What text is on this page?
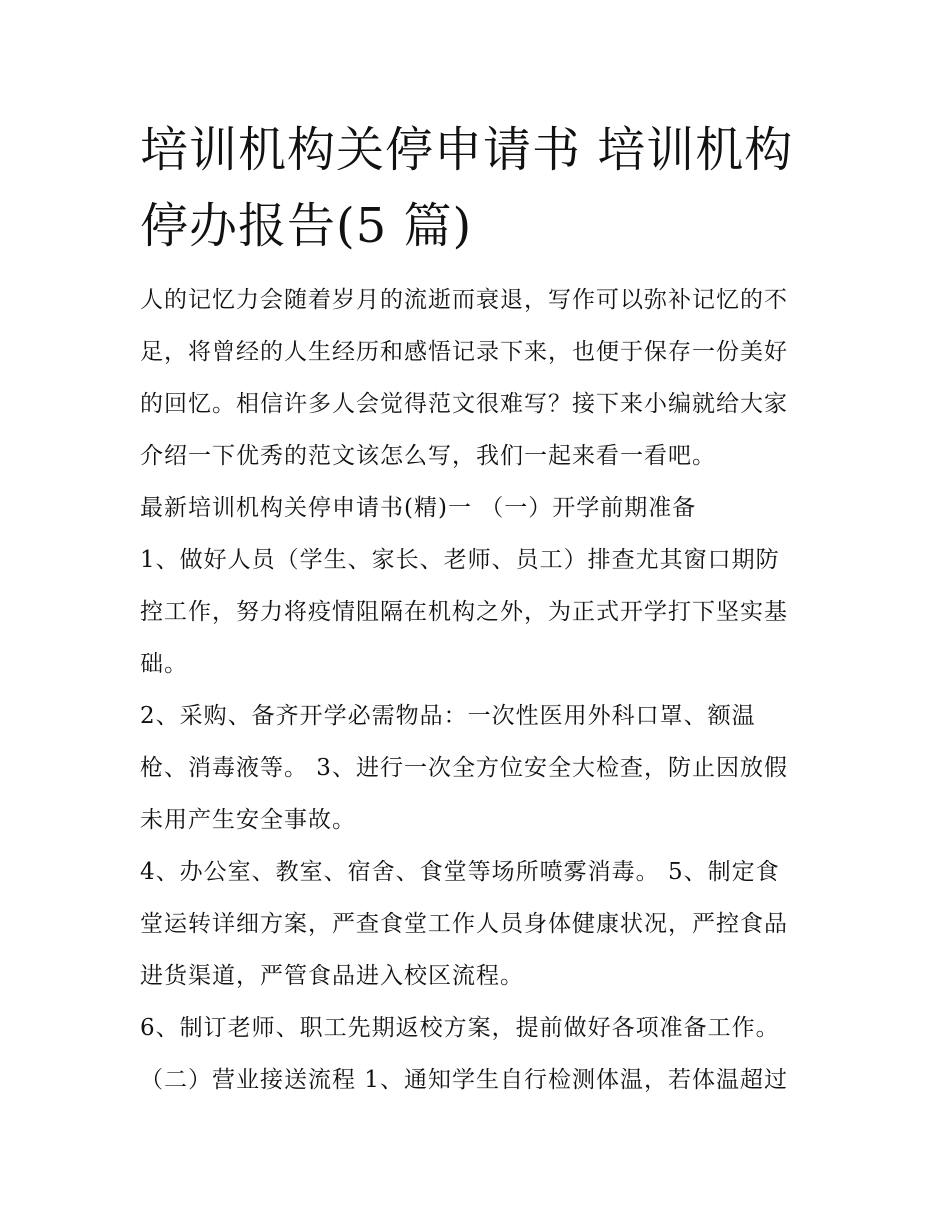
培训机构关停申请书 培训机构
停办报告(5 篇)
人的记忆力会随着岁月的流逝而衰退，写作可以弥补记忆的不
足，将曾经的人生经历和感悟记录下来，也便于保存一份美好
的回忆。相信许多人会觉得范文很难写？接下来小编就给大家
介绍一下优秀的范文该怎么写，我们一起来看一看吧。
最新培训机构关停申请书(精)一 （一）开学前期准备
1、做好人员（学生、家长、老师、员工）排查尤其窗口期防
控工作，努力将疫情阻隔在机构之外，为正式开学打下坚实基
础。
2、采购、备齐开学必需物品：一次性医用外科口罩、额温
枪、消毒液等。 3、进行一次全方位安全大检查，防止因放假
未用产生安全事故。
4、办公室、教室、宿舍、食堂等场所喷雾消毒。 5、制定食
堂运转详细方案，严查食堂工作人员身体健康状况，严控食品
进货渠道，严管食品进入校区流程。
6、制订老师、职工先期返校方案，提前做好各项准备工作。
（二）营业接送流程 1、通知学生自行检测体温，若体温超过
